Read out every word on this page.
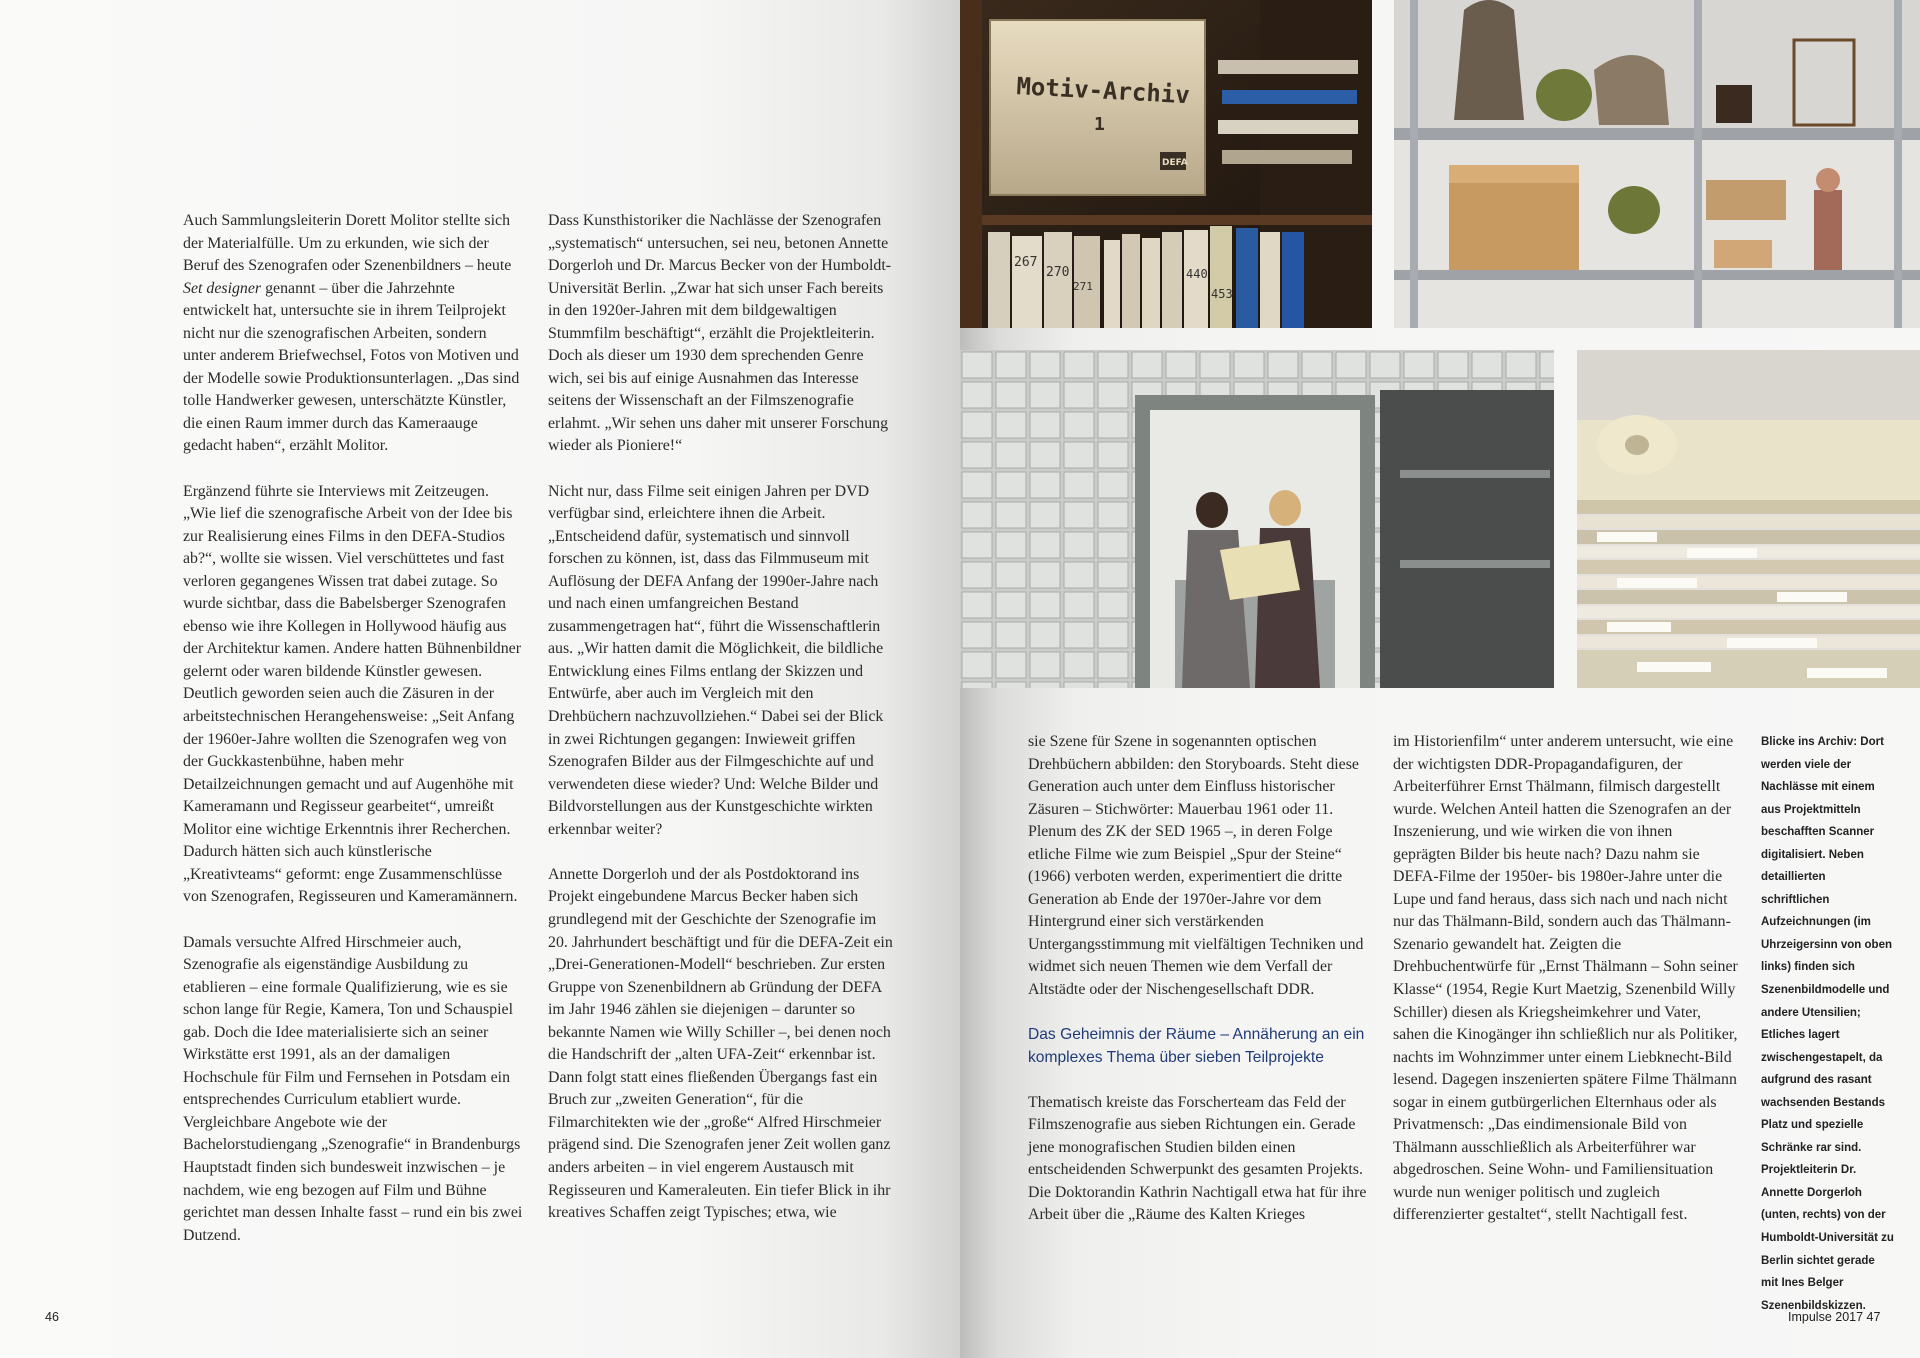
Auch Sammlungsleiterin Dorett Molitor stellte sich der Materialfülle. Um zu erkunden, wie sich der Beruf des Szenografen oder Szenenbildners – heute Set designer genannt – über die Jahrzehnte entwickelt hat, untersuchte sie in ihrem Teilprojekt nicht nur die szenografischen Arbeiten, sondern unter anderem Briefwechsel, Fotos von Motiven und der Modelle sowie Produktionsunterlagen. „Das sind tolle Handwerker gewesen, unterschätzte Künstler, die einen Raum immer durch das Kameraauge gedacht haben“, erzählt Molitor.

Ergänzend führte sie Interviews mit Zeitzeugen. „Wie lief die szenografische Arbeit von der Idee bis zur Realisierung eines Films in den DEFA-Studios ab?“, wollte sie wissen. Viel verschüttetes und fast verloren gegangenes Wissen trat dabei zutage. So wurde sichtbar, dass die Babelsberger Szenografen ebenso wie ihre Kollegen in Hollywood häufig aus der Architektur kamen. Andere hatten Bühnenbildner gelernt oder waren bildende Künstler gewesen. Deutlich geworden seien auch die Zäsuren in der arbeitstechnischen Herangehensweise: „Seit Anfang der 1960er-Jahre wollten die Szenografen weg von der Guckkastenbühne, haben mehr Detailzeichnungen gemacht und auf Augenhöhe mit Kameramann und Regisseur gearbeitet“, umreißt Molitor eine wichtige Erkenntnis ihrer Recherchen. Dadurch hätten sich auch künstlerische „Kreativteams“ geformt: enge Zusammenschlüsse von Szenografen, Regisseuren und Kameramännern.

Damals versuchte Alfred Hirschmeier auch, Szenografie als eigenständige Ausbildung zu etablieren – eine formale Qualifizierung, wie es sie schon lange für Regie, Kamera, Ton und Schauspiel gab. Doch die Idee materialisierte sich an seiner Wirkstätte erst 1991, als an der damaligen Hochschule für Film und Fernsehen in Potsdam ein entsprechendes Curriculum etabliert wurde. Vergleichbare Angebote wie der Bachelorstudiengang „Szenografie“ in Brandenburgs Hauptstadt finden sich bundesweit inzwischen – je nachdem, wie eng bezogen auf Film und Bühne gerichtet man dessen Inhalte fasst – rund ein bis zwei Dutzend.

Dass Kunsthistoriker die Nachlässe der Szenografen „systematisch“ untersuchen, sei neu, betonen Annette Dorgerloh und Dr. Marcus Becker von der Humboldt-Universität Berlin. „Zwar hat sich unser Fach bereits in den 1920er-Jahren mit dem bildgewaltigen Stummfilm beschäftigt“, erzählt die Projektleiterin. Doch als dieser um 1930 dem sprechenden Genre wich, sei bis auf einige Ausnahmen das Interesse seitens der Wissenschaft an der Filmszenografie erlahmt. „Wir sehen uns daher mit unserer Forschung wieder als Pioniere!“

Nicht nur, dass Filme seit einigen Jahren per DVD verfügbar sind, erleichtere ihnen die Arbeit. „Entscheidend dafür, systematisch und sinnvoll forschen zu können, ist, dass das Filmmuseum mit Auflösung der DEFA Anfang der 1990er-Jahre nach und nach einen umfangreichen Bestand zusammengetragen hat“, führt die Wissenschaftlerin aus. „Wir hatten damit die Möglichkeit, die bildliche Entwicklung eines Films entlang der Skizzen und Entwürfe, aber auch im Vergleich mit den Drehbüchern nachzuvollziehen.“ Dabei sei der Blick in zwei Richtungen gegangen: Inwieweit griffen Szenografen Bilder aus der Filmgeschichte auf und verwendeten diese wieder? Und: Welche Bilder und Bildvorstellungen aus der Kunstgeschichte wirkten erkennbar weiter?

Annette Dorgerloh und der als Postdoktorand ins Projekt eingebundene Marcus Becker haben sich grundlegend mit der Geschichte der Szenografie im 20. Jahrhundert beschäftigt und für die DEFA-Zeit ein „Drei-Generationen-Modell“ beschrieben. Zur ersten Gruppe von Szenenbildnern ab Gründung der DEFA im Jahr 1946 zählen sie diejenigen – darunter so bekannte Namen wie Willy Schiller –, bei denen noch die Handschrift der „alten UFA-Zeit“ erkennbar ist. Dann folgt statt eines fließenden Übergangs fast ein Bruch zur „zweiten Generation“, für die Filmarchitekten wie der „große“ Alfred Hirschmeier prägend sind. Die Szenografen jener Zeit wollen ganz anders arbeiten – in viel engerem Austausch mit Regisseuren und Kameraleuten. Ein tiefer Blick in ihr kreatives Schaffen zeigt Typisches; etwa, wie

46
Motiv-Archiv
1
DEFA
267
270
271
440
453

sie Szene für Szene in sogenannten optischen Drehbüchern abbilden: den Storyboards. Steht diese Generation auch unter dem Einfluss historischer Zäsuren – Stichwörter: Mauerbau 1961 oder 11. Plenum des ZK der SED 1965 –, in deren Folge etliche Filme wie zum Beispiel „Spur der Steine“ (1966) verboten werden, experimentiert die dritte Generation ab Ende der 1970er-Jahre vor dem Hintergrund einer sich verstärkenden Untergangsstimmung mit vielfältigen Techniken und widmet sich neuen Themen wie dem Verfall der Altstädte oder der Nischengesellschaft DDR.

Das Geheimnis der Räume – Annäherung an ein komplexes Thema über sieben Teilprojekte

Thematisch kreiste das Forscherteam das Feld der Filmszenografie aus sieben Richtungen ein. Gerade jene monografischen Studien bilden einen entscheidenden Schwerpunkt des gesamten Projekts. Die Doktorandin Kathrin Nachtigall etwa hat für ihre Arbeit über die „Räume des Kalten Krieges

im Historienfilm“ unter anderem untersucht, wie eine der wichtigsten DDR-Propagandafiguren, der Arbeiterführer Ernst Thälmann, filmisch dargestellt wurde. Welchen Anteil hatten die Szenografen an der Inszenierung, und wie wirken die von ihnen geprägten Bilder bis heute nach? Dazu nahm sie DEFA-Filme der 1950er- bis 1980er-Jahre unter die Lupe und fand heraus, dass sich nach und nach nicht nur das Thälmann-Bild, sondern auch das Thälmann-Szenario gewandelt hat. Zeigten die Drehbuchentwürfe für „Ernst Thälmann – Sohn seiner Klasse“ (1954, Regie Kurt Maetzig, Szenenbild Willy Schiller) diesen als Kriegsheimkehrer und Vater, sahen die Kinogänger ihn schließlich nur als Politiker, nachts im Wohnzimmer unter einem Liebknecht-Bild lesend. Dagegen inszenierten spätere Filme Thälmann sogar in einem gutbürgerlichen Elternhaus oder als Privatmensch: „Das eindimensionale Bild von Thälmann ausschließlich als Arbeiterführer war abgedroschen. Seine Wohn- und Familiensituation wurde nun weniger politisch und zugleich differenzierter gestaltet“, stellt Nachtigall fest.

Blicke ins Archiv: Dort werden viele der Nachlässe mit einem aus Projektmitteln beschafften Scanner digitalisiert. Neben detaillierten schriftlichen Aufzeichnungen (im Uhrzeigersinn von oben links) finden sich Szenenbildmodelle und andere Utensilien; Etliches lagert zwischengestapelt, da aufgrund des rasant wachsenden Bestands Platz und spezielle Schränke rar sind. Projektleiterin Dr. Annette Dorgerloh (unten, rechts) von der Humboldt-Universität zu Berlin sichtet gerade mit Ines Belger Szenenbildskizzen.
Impulse 2017 47
